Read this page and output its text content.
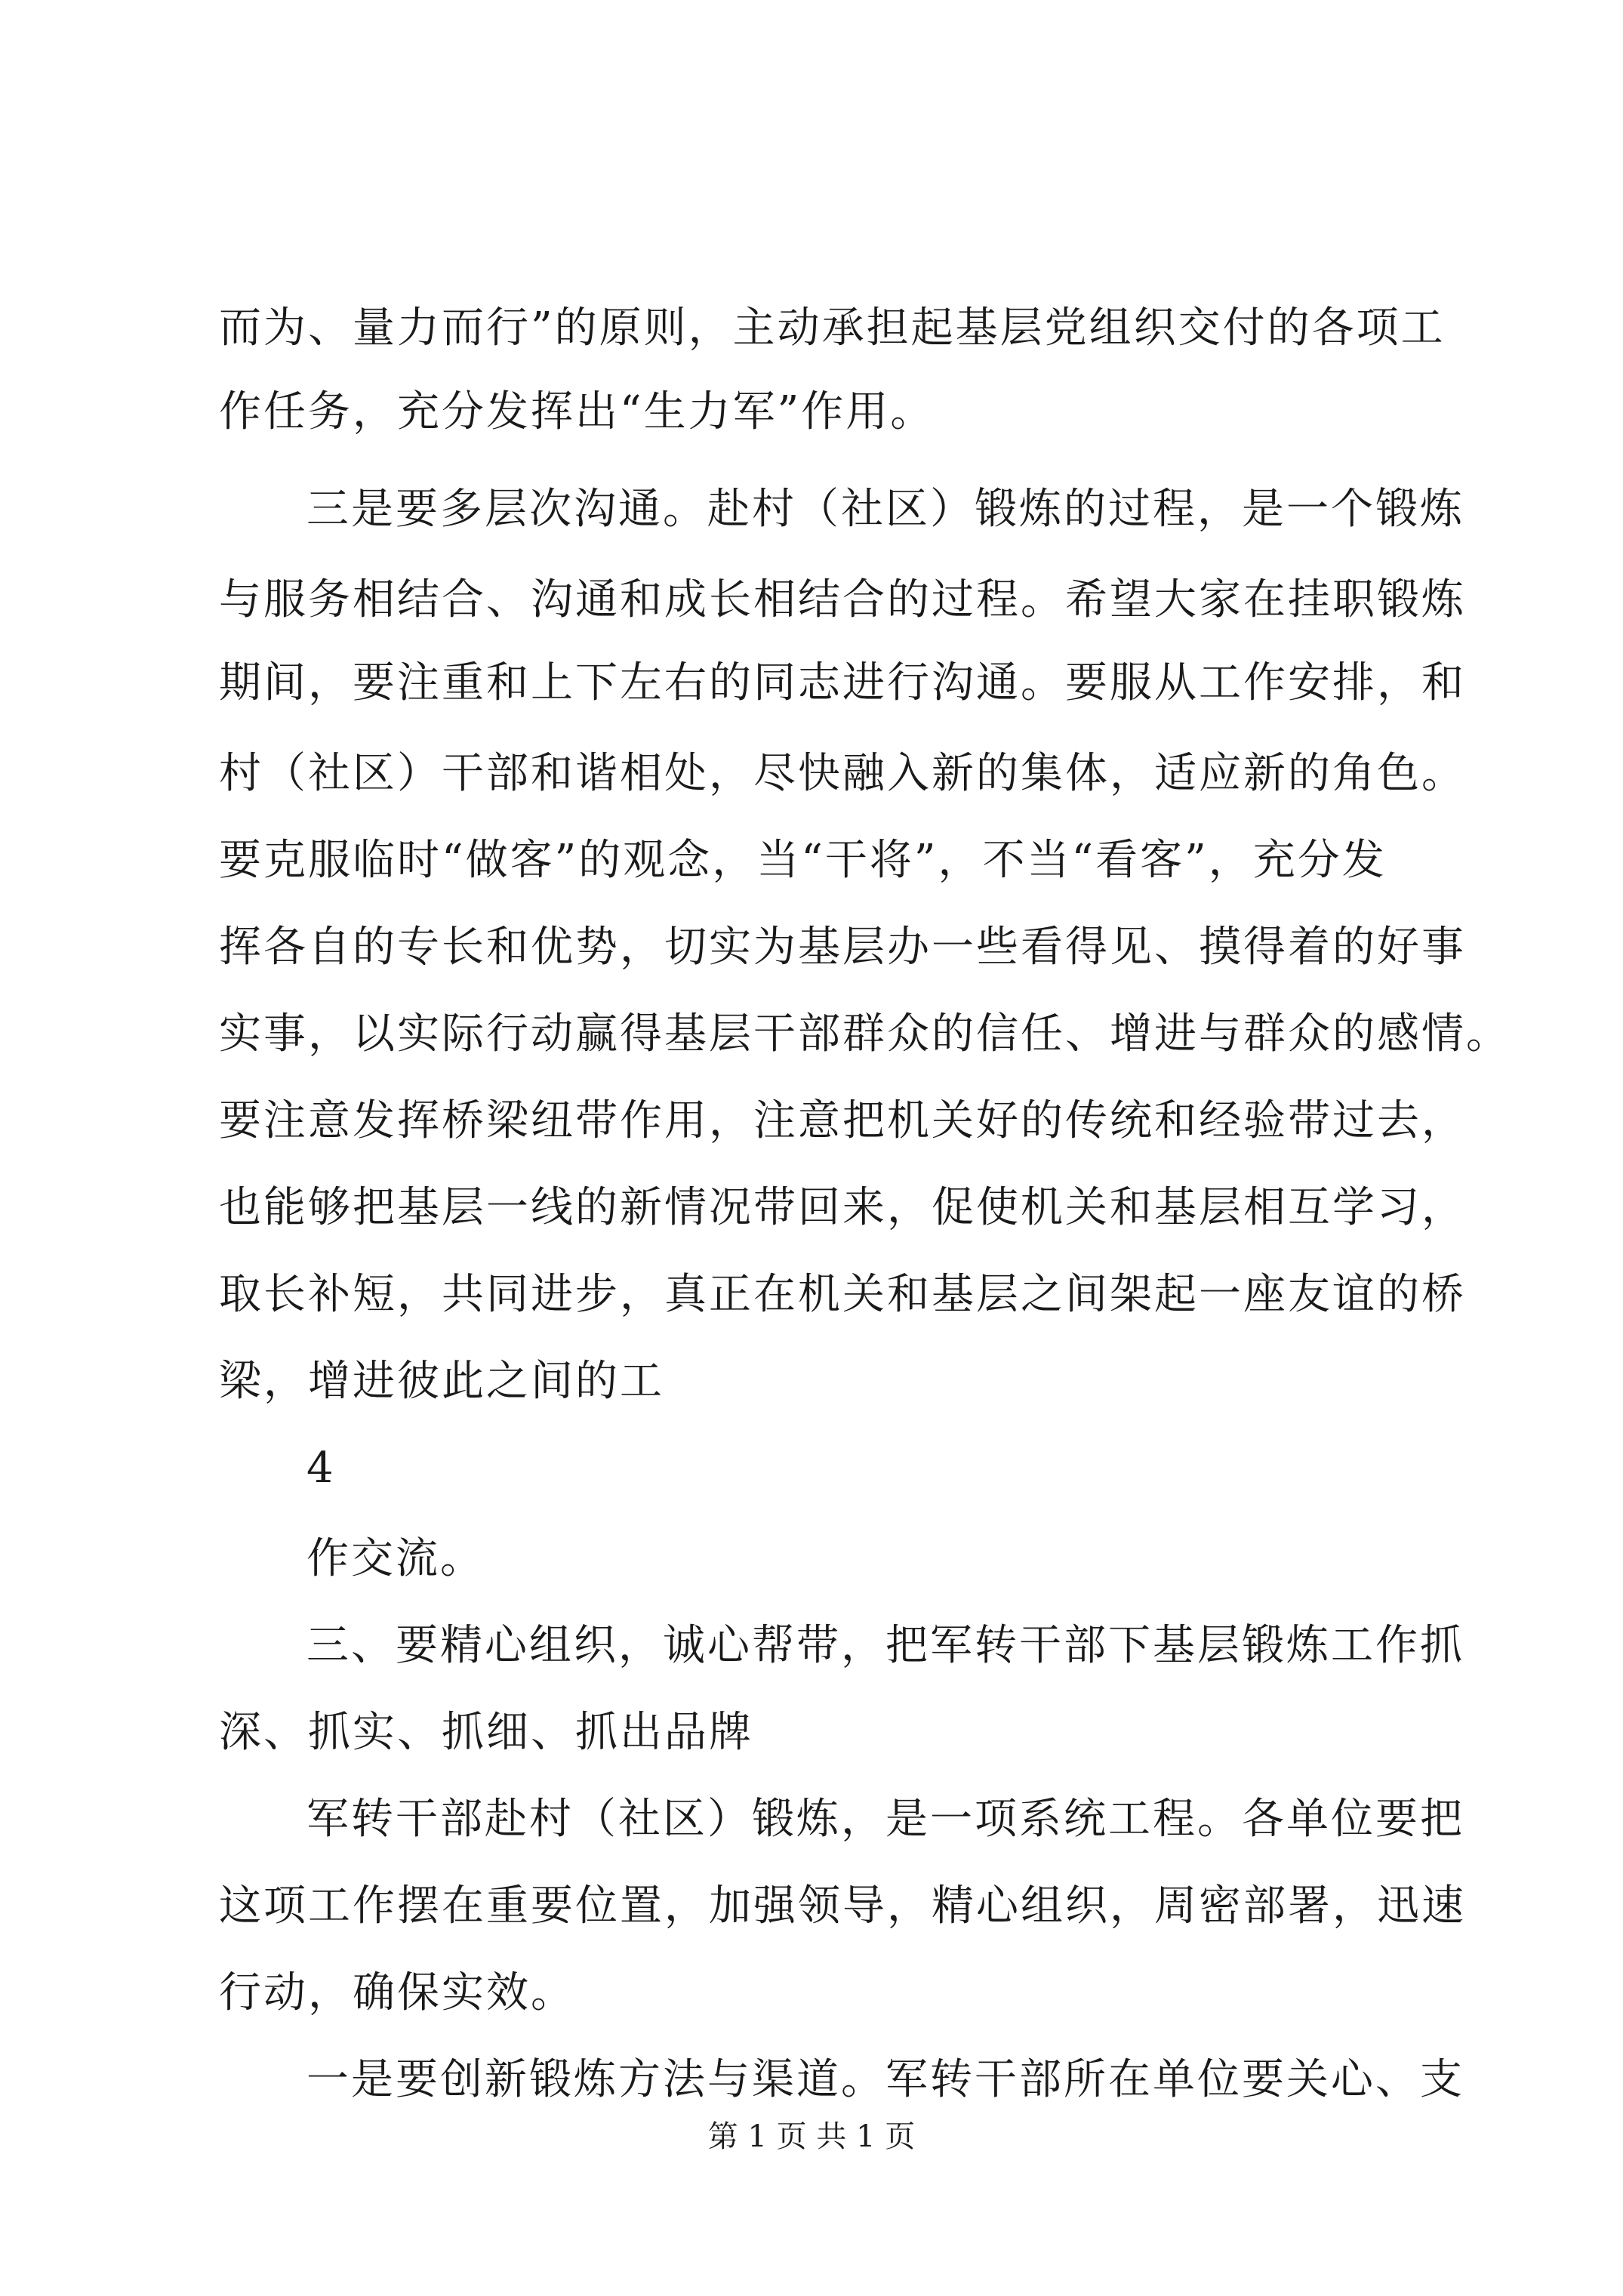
而为、量力而行”的原则，主动承担起基层党组织交付的各项工
作任务，充分发挥出“生力军”作用。
三是要多层次沟通。赴村（社区）锻炼的过程，是一个锻炼
与服务相结合、沟通和成长相结合的过程。希望大家在挂职锻炼
期间，要注重和上下左右的同志进行沟通。要服从工作安排，和
村（社区）干部和谐相处，尽快融入新的集体，适应新的角色。
要克服临时“做客”的观念，当“干将”，不当“看客”，充分发
挥各自的专长和优势，切实为基层办一些看得见、摸得着的好事
实事，以实际行动赢得基层干部群众的信任、增进与群众的感情。
要注意发挥桥梁纽带作用，注意把机关好的传统和经验带过去，
也能够把基层一线的新情况带回来，促使机关和基层相互学习，
取长补短，共同进步，真正在机关和基层之间架起一座友谊的桥
梁，增进彼此之间的工
4
作交流。
三、要精心组织，诚心帮带，把军转干部下基层锻炼工作抓
深、抓实、抓细、抓出品牌
军转干部赴村（社区）锻炼，是一项系统工程。各单位要把
这项工作摆在重要位置，加强领导，精心组织，周密部署，迅速
行动，确保实效。
一是要创新锻炼方法与渠道。军转干部所在单位要关心、支
第 1 页 共 1 页
